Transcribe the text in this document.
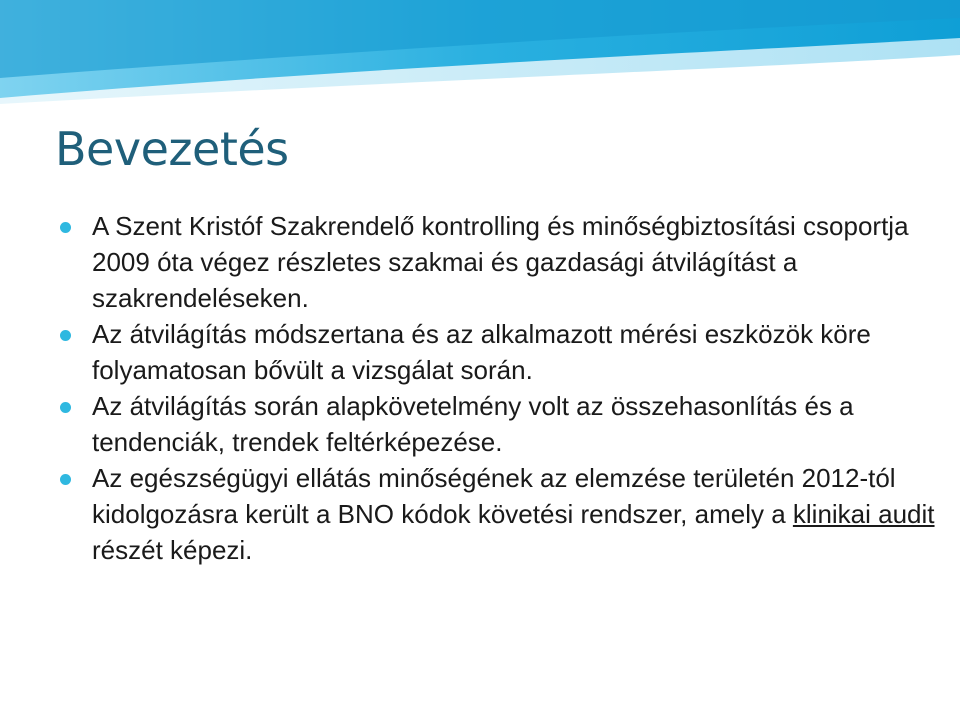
Bevezetés
A Szent Kristóf Szakrendelő kontrolling és minőségbiztosítási csoportja 2009 óta végez részletes szakmai és gazdasági átvilágítást a szakrendeléseken.
Az átvilágítás módszertana és az alkalmazott mérési eszközök köre folyamatosan bővült a vizsgálat során.
Az átvilágítás során alapkövetelmény volt az összehasonlítás és a tendenciák, trendek feltérképezése.
Az egészségügyi ellátás minőségének az elemzése területén 2012-tól kidolgozásra került a BNO kódok követési rendszer, amely a klinikai audit részét képezi.
